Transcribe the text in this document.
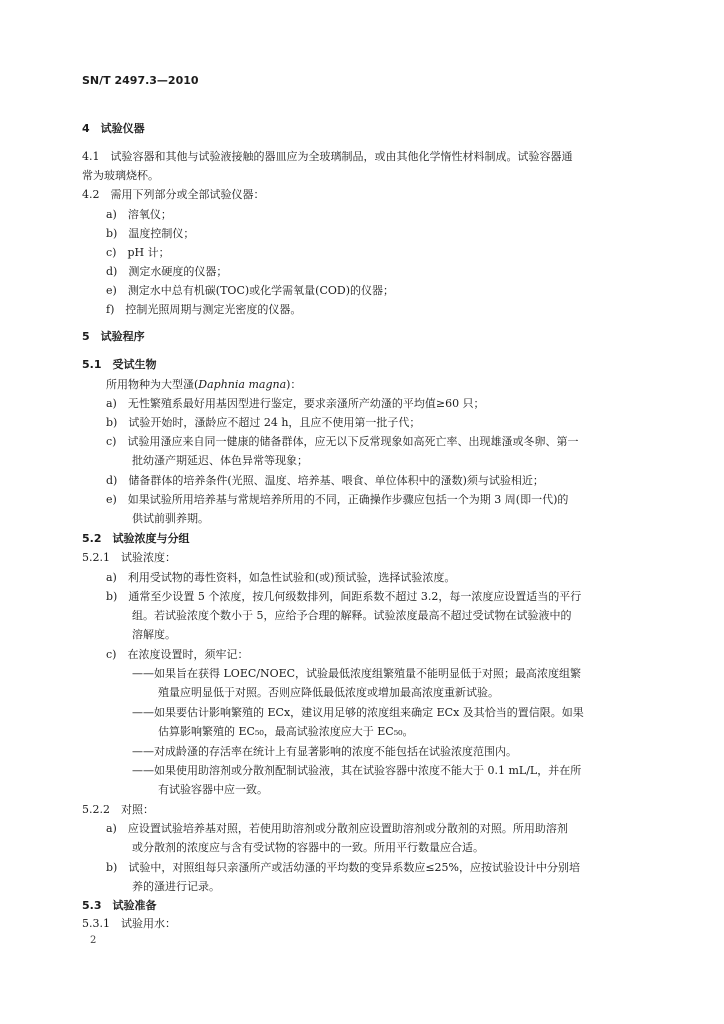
SN/T 2497.3—2010
4　试验仪器
4.1　试验容器和其他与试验液接触的器皿应为全玻璃制品，或由其他化学惰性材料制成。试验容器通
常为玻璃烧杯。
4.2　需用下列部分或全部试验仪器：
a)　溶氧仪；
b)　温度控制仪；
c)　pH 计；
d)　测定水硬度的仪器；
e)　测定水中总有机碳(TOC)或化学需氧量(COD)的仪器；
f)　控制光照周期与测定光密度的仪器。
5　试验程序
5.1　受试生物
所用物种为大型溞(Daphnia magna)：
a)　无性繁殖系最好用基因型进行鉴定，要求亲溞所产幼溞的平均值≥60 只；
b)　试验开始时，溞龄应不超过 24 h，且应不使用第一批子代；
c)　试验用溞应来自同一健康的储备群体，应无以下反常现象如高死亡率、出现雄溞或冬卵、第一
批幼溞产期延迟、体色异常等现象；
d)　储备群体的培养条件(光照、温度、培养基、喂食、单位体积中的溞数)须与试验相近；
e)　如果试验所用培养基与常规培养所用的不同，正确操作步骤应包括一个为期 3 周(即一代)的
供试前驯养期。
5.2　试验浓度与分组
5.2.1　试验浓度：
a)　利用受试物的毒性资料，如急性试验和(或)预试验，选择试验浓度。
b)　通常至少设置 5 个浓度，按几何级数排列，间距系数不超过 3.2，每一浓度应设置适当的平行
组。若试验浓度个数小于 5，应给予合理的解释。试验浓度最高不超过受试物在试验液中的
溶解度。
c)　在浓度设置时，须牢记：
——如果旨在获得 LOEC/NOEC，试验最低浓度组繁殖量不能明显低于对照；最高浓度组繁
殖量应明显低于对照。否则应降低最低浓度或增加最高浓度重新试验。
——如果要估计影响繁殖的 ECx，建议用足够的浓度组来确定 ECx 及其恰当的置信限。如果
估算影响繁殖的 EC₅₀，最高试验浓度应大于 EC₅₀。
——对成龄溞的存活率在统计上有显著影响的浓度不能包括在试验浓度范围内。
——如果使用助溶剂或分散剂配制试验液，其在试验容器中浓度不能大于 0.1 mL/L，并在所
有试验容器中应一致。
5.2.2　对照：
a)　应设置试验培养基对照，若使用助溶剂或分散剂应设置助溶剂或分散剂的对照。所用助溶剂
或分散剂的浓度应与含有受试物的容器中的一致。所用平行数量应合适。
b)　试验中，对照组每只亲溞所产或活幼溞的平均数的变异系数应≤25%，应按试验设计中分别培
养的溞进行记录。
5.3　试验准备
5.3.1　试验用水：
2
